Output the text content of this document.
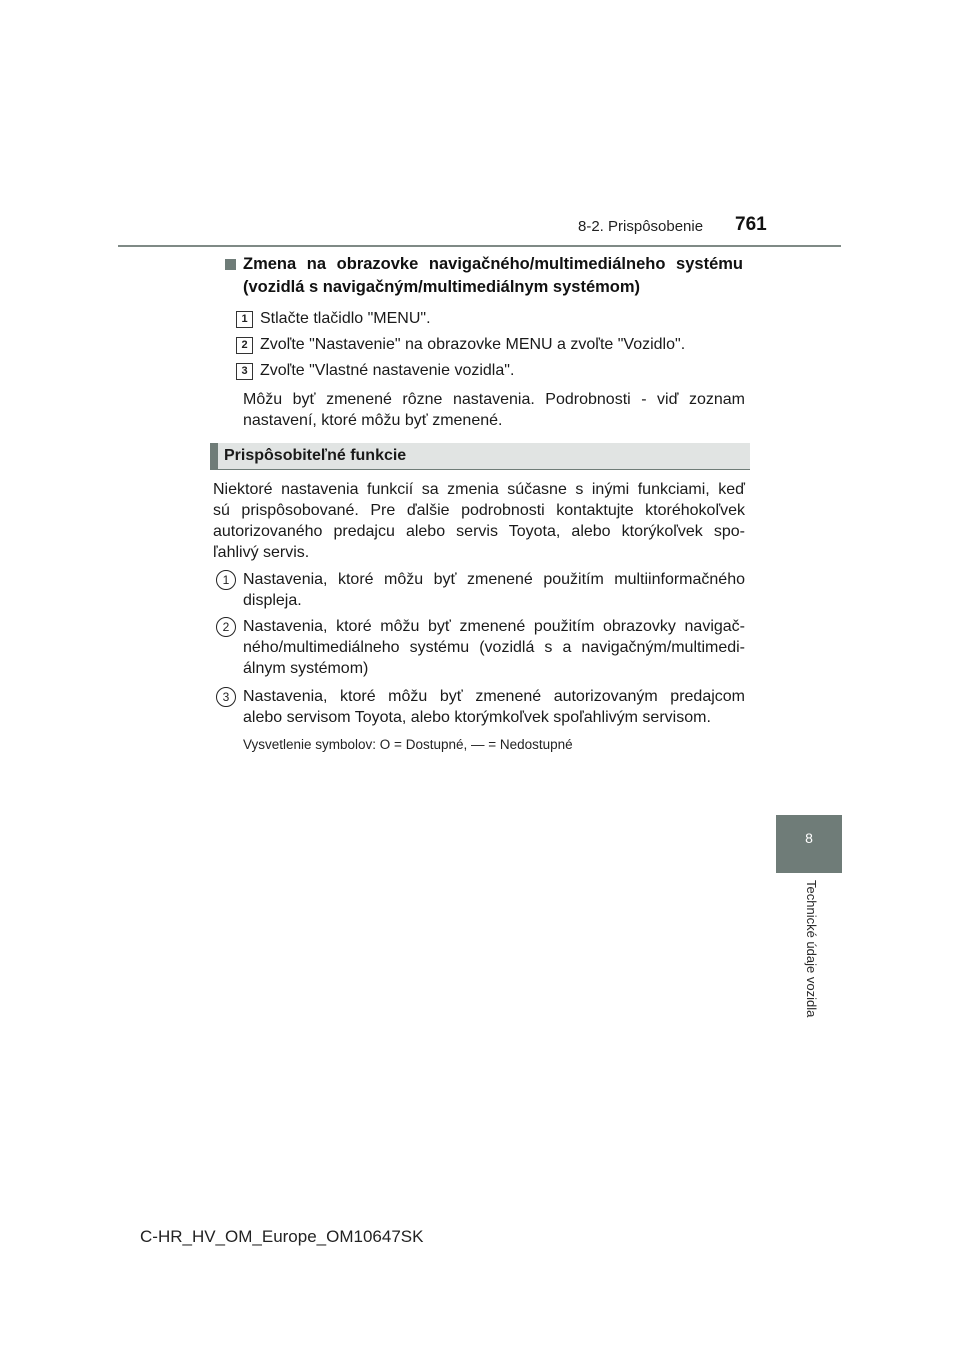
8-2. Prispôsobenie 761
8
Technické údaje vozidla
Zmena na obrazovke navigačného/multimediálneho systému
(vozidlá s navigačným/multimediálnym systémom)
1 Stlačte tlačidlo "MENU".
2 Zvoľte "Nastavenie" na obrazovke MENU a zvoľte "Vozidlo".
3 Zvoľte "Vlastné nastavenie vozidla".
Môžu byť zmenené rôzne nastavenia. Podrobnosti - viď zoznam
nastavení, ktoré môžu byť zmenené.
Prispôsobiteľné funkcie
Niektoré nastavenia funkcií sa zmenia súčasne s inými funkciami, keď
sú prispôsobované. Pre ďalšie podrobnosti kontaktujte ktoréhokoľvek
autorizovaného predajcu alebo servis Toyota, alebo ktorýkoľvek spo-
ľahlivý servis.
1 Nastavenia, ktoré môžu byť zmenené použitím multiinformačného
displeja.
2 Nastavenia, ktoré môžu byť zmenené použitím obrazovky navigač-
ného/multimediálneho systému (vozidlá s a navigačným/multimedi-
álnym systémom)
3 Nastavenia, ktoré môžu byť zmenené autorizovaným predajcom
alebo servisom Toyota, alebo ktorýmkoľvek spoľahlivým servisom.
Vysvetlenie symbolov: O = Dostupné, — = Nedostupné
C-HR_HV_OM_Europe_OM10647SK
